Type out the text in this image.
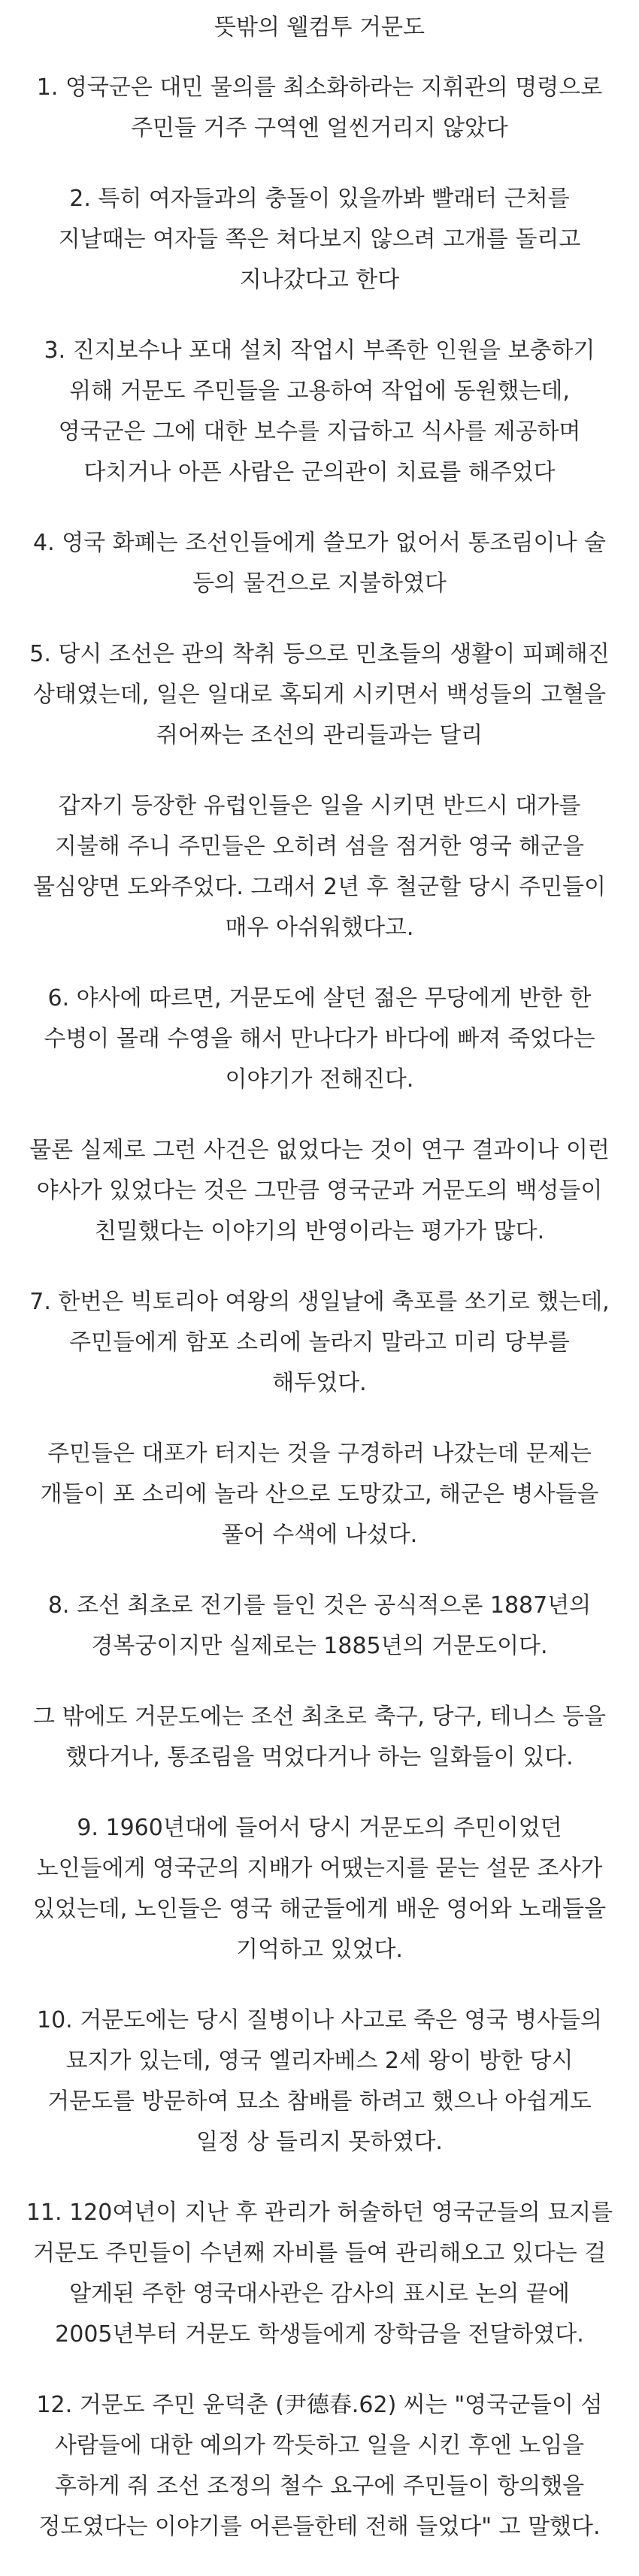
뜻밖의 웰컴투 거문도
1. 영국군은 대민 물의를 최소화하라는 지휘관의 명령으로 주민들 거주 구역엔 얼씬거리지 않았다
2. 특히 여자들과의 충돌이 있을까봐 빨래터 근처를 지날때는 여자들 쪽은 쳐다보지 않으려 고개를 돌리고 지나갔다고 한다
3. 진지보수나 포대 설치 작업시 부족한 인원을 보충하기 위해 거문도 주민들을 고용하여 작업에 동원했는데, 영국군은 그에 대한 보수를 지급하고 식사를 제공하며 다치거나 아픈 사람은 군의관이 치료를 해주었다
4. 영국 화폐는 조선인들에게 쓸모가 없어서 통조림이나 술 등의 물건으로 지불하였다
5. 당시 조선은 관의 착취 등으로 민초들의 생활이 피폐해진 상태였는데, 일은 일대로 혹되게 시키면서 백성들의 고혈을 쥐어짜는 조선의 관리들과는 달리
갑자기 등장한 유럽인들은 일을 시키면 반드시 대가를 지불해 주니 주민들은 오히려 섬을 점거한 영국 해군을 물심양면 도와주었다. 그래서 2년 후 철군할 당시 주민들이 매우 아쉬워했다고.
6. 야사에 따르면, 거문도에 살던 젊은 무당에게 반한 한 수병이 몰래 수영을 해서 만나다가 바다에 빠져 죽었다는 이야기가 전해진다.
물론 실제로 그런 사건은 없었다는 것이 연구 결과이나 이런 야사가 있었다는 것은 그만큼 영국군과 거문도의 백성들이 친밀했다는 이야기의 반영이라는 평가가 많다.
7. 한번은 빅토리아 여왕의 생일날에 축포를 쏘기로 했는데, 주민들에게 함포 소리에 놀라지 말라고 미리 당부를 해두었다.
주민들은 대포가 터지는 것을 구경하러 나갔는데 문제는 개들이 포 소리에 놀라 산으로 도망갔고, 해군은 병사들을 풀어 수색에 나섰다.
8. 조선 최초로 전기를 들인 것은 공식적으론 1887년의 경복궁이지만 실제로는 1885년의 거문도이다.
그 밖에도 거문도에는 조선 최초로 축구, 당구, 테니스 등을 했다거나, 통조림을 먹었다거나 하는 일화들이 있다.
9. 1960년대에 들어서 당시 거문도의 주민이었던 노인들에게 영국군의 지배가 어땠는지를 묻는 설문 조사가 있었는데, 노인들은 영국 해군들에게 배운 영어와 노래들을 기억하고 있었다.
10. 거문도에는 당시 질병이나 사고로 죽은 영국 병사들의 묘지가 있는데, 영국 엘리자베스 2세 왕이 방한 당시 거문도를 방문하여 묘소 참배를 하려고 했으나 아쉽게도 일정 상 들리지 못하였다.
11. 120여년이 지난 후 관리가 허술하던 영국군들의 묘지를 거문도 주민들이 수년째 자비를 들여 관리해오고 있다는 걸 알게된 주한 영국대사관은 감사의 표시로 논의 끝에 2005년부터 거문도 학생들에게 장학금을 전달하였다.
12. 거문도 주민 윤덕춘 (尹德春.62) 씨는 "영국군들이 섬 사람들에 대한 예의가 깍듯하고 일을 시킨 후엔 노임을 후하게 줘 조선 조정의 철수 요구에 주민들이 항의했을 정도였다는 이야기를 어른들한테 전해 들었다" 고 말했다.
